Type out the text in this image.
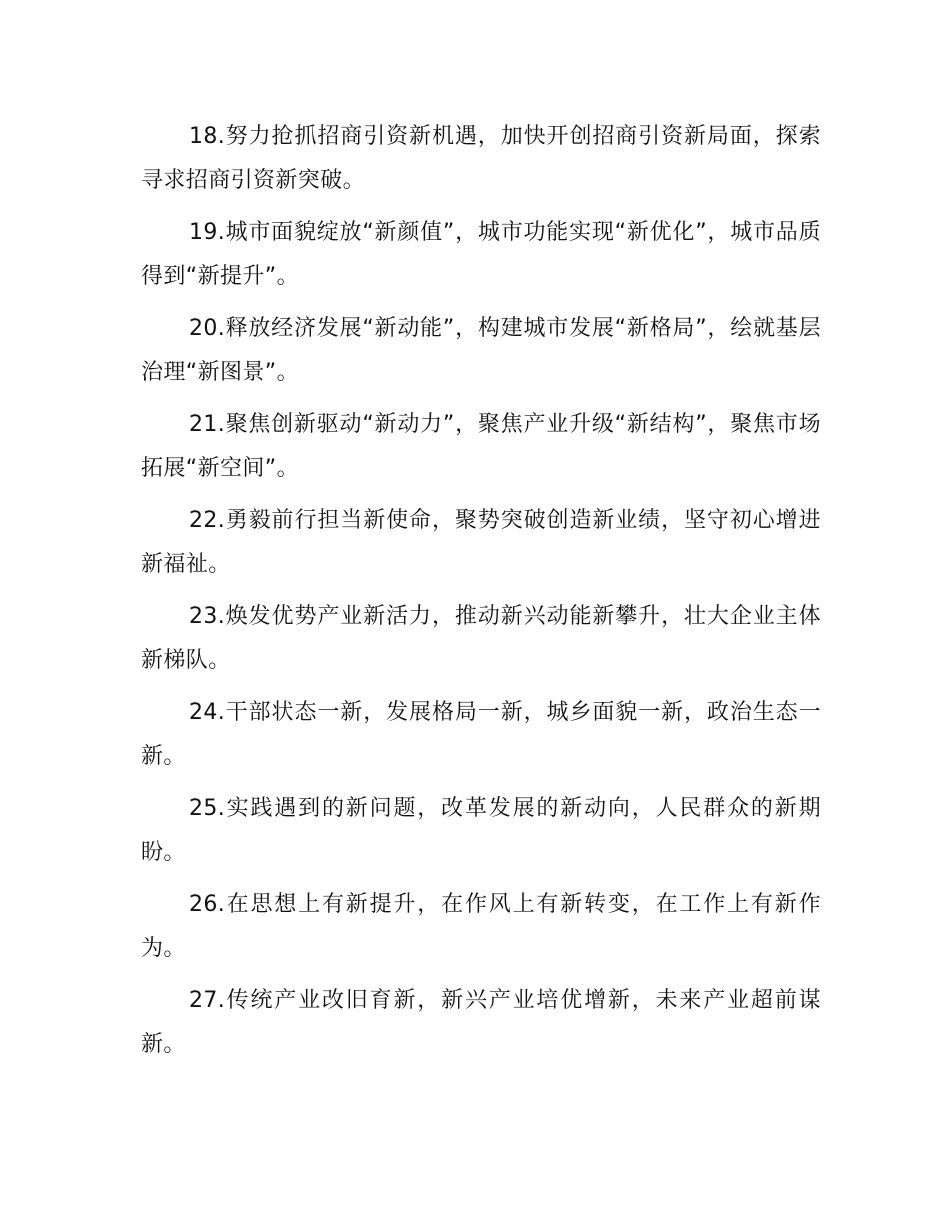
18.努力抢抓招商引资新机遇，加快开创招商引资新局面，探索寻求招商引资新突破。

19.城市面貌绽放“新颜值”，城市功能实现“新优化”，城市品质得到“新提升”。

20.释放经济发展“新动能”，构建城市发展“新格局”，绘就基层治理“新图景”。

21.聚焦创新驱动“新动力”，聚焦产业升级“新结构”，聚焦市场拓展“新空间”。

22.勇毅前行担当新使命，聚势突破创造新业绩，坚守初心增进新福祉。

23.焕发优势产业新活力，推动新兴动能新攀升，壮大企业主体新梯队。

24.干部状态一新，发展格局一新，城乡面貌一新，政治生态一新。

25.实践遇到的新问题，改革发展的新动向，人民群众的新期盼。

26.在思想上有新提升，在作风上有新转变，在工作上有新作为。

27.传统产业改旧育新，新兴产业培优增新，未来产业超前谋新。
